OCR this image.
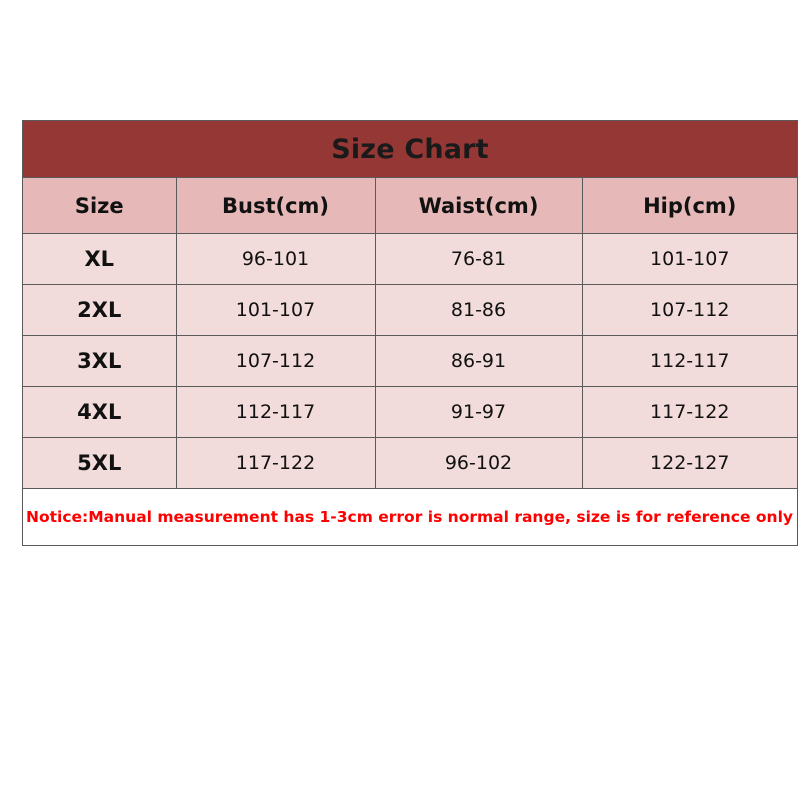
Size Chart
Size	Bust(cm)	Waist(cm)	Hip(cm)
XL	96-101	76-81	101-107
2XL	101-107	81-86	107-112
3XL	107-112	86-91	112-117
4XL	112-117	91-97	117-122
5XL	117-122	96-102	122-127
Notice:Manual measurement has 1-3cm error is normal range, size is for reference only
